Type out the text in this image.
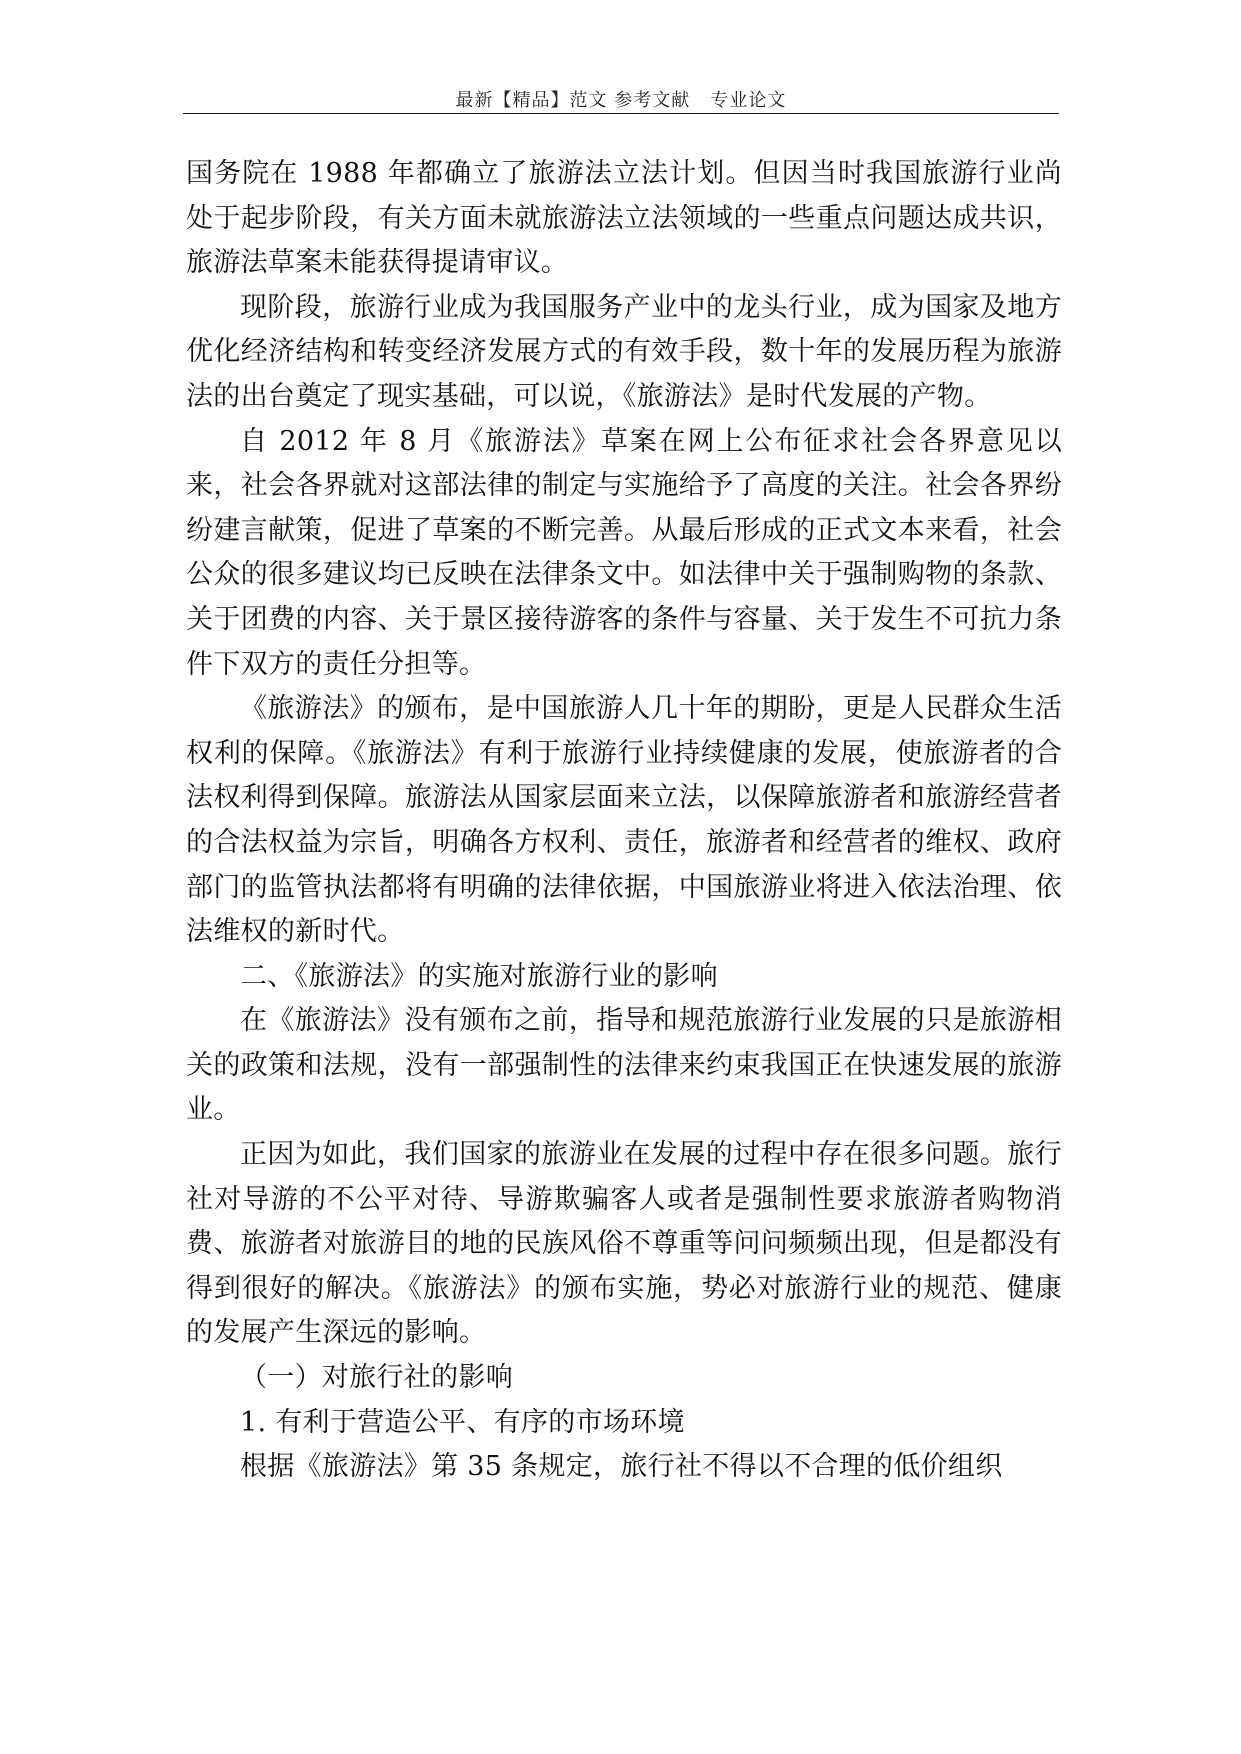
最新【精品】范文 参考文献   专业论文

国务院在 1988 年都确立了旅游法立法计划。但因当时我国旅游行业尚处于起步阶段，有关方面未就旅游法立法领域的一些重点问题达成共识，旅游法草案未能获得提请审议。

现阶段，旅游行业成为我国服务产业中的龙头行业，成为国家及地方优化经济结构和转变经济发展方式的有效手段，数十年的发展历程为旅游法的出台奠定了现实基础，可以说，《旅游法》是时代发展的产物。

自 2012 年 8 月《旅游法》草案在网上公布征求社会各界意见以来，社会各界就对这部法律的制定与实施给予了高度的关注。社会各界纷纷建言献策，促进了草案的不断完善。从最后形成的正式文本来看，社会公众的很多建议均已反映在法律条文中。如法律中关于强制购物的条款、关于团费的内容、关于景区接待游客的条件与容量、关于发生不可抗力条件下双方的责任分担等。

《旅游法》的颁布，是中国旅游人几十年的期盼，更是人民群众生活权利的保障。《旅游法》有利于旅游行业持续健康的发展，使旅游者的合法权利得到保障。旅游法从国家层面来立法，以保障旅游者和旅游经营者的合法权益为宗旨，明确各方权利、责任，旅游者和经营者的维权、政府部门的监管执法都将有明确的法律依据，中国旅游业将进入依法治理、依法维权的新时代。

二、《旅游法》的实施对旅游行业的影响

在《旅游法》没有颁布之前，指导和规范旅游行业发展的只是旅游相关的政策和法规，没有一部强制性的法律来约束我国正在快速发展的旅游业。

正因为如此，我们国家的旅游业在发展的过程中存在很多问题。旅行社对导游的不公平对待、导游欺骗客人或者是强制性要求旅游者购物消费、旅游者对旅游目的地的民族风俗不尊重等问问频频出现，但是都没有得到很好的解决。《旅游法》的颁布实施，势必对旅游行业的规范、健康的发展产生深远的影响。

（一）对旅行社的影响

1. 有利于营造公平、有序的市场环境

根据《旅游法》第 35 条规定，旅行社不得以不合理的低价组织
